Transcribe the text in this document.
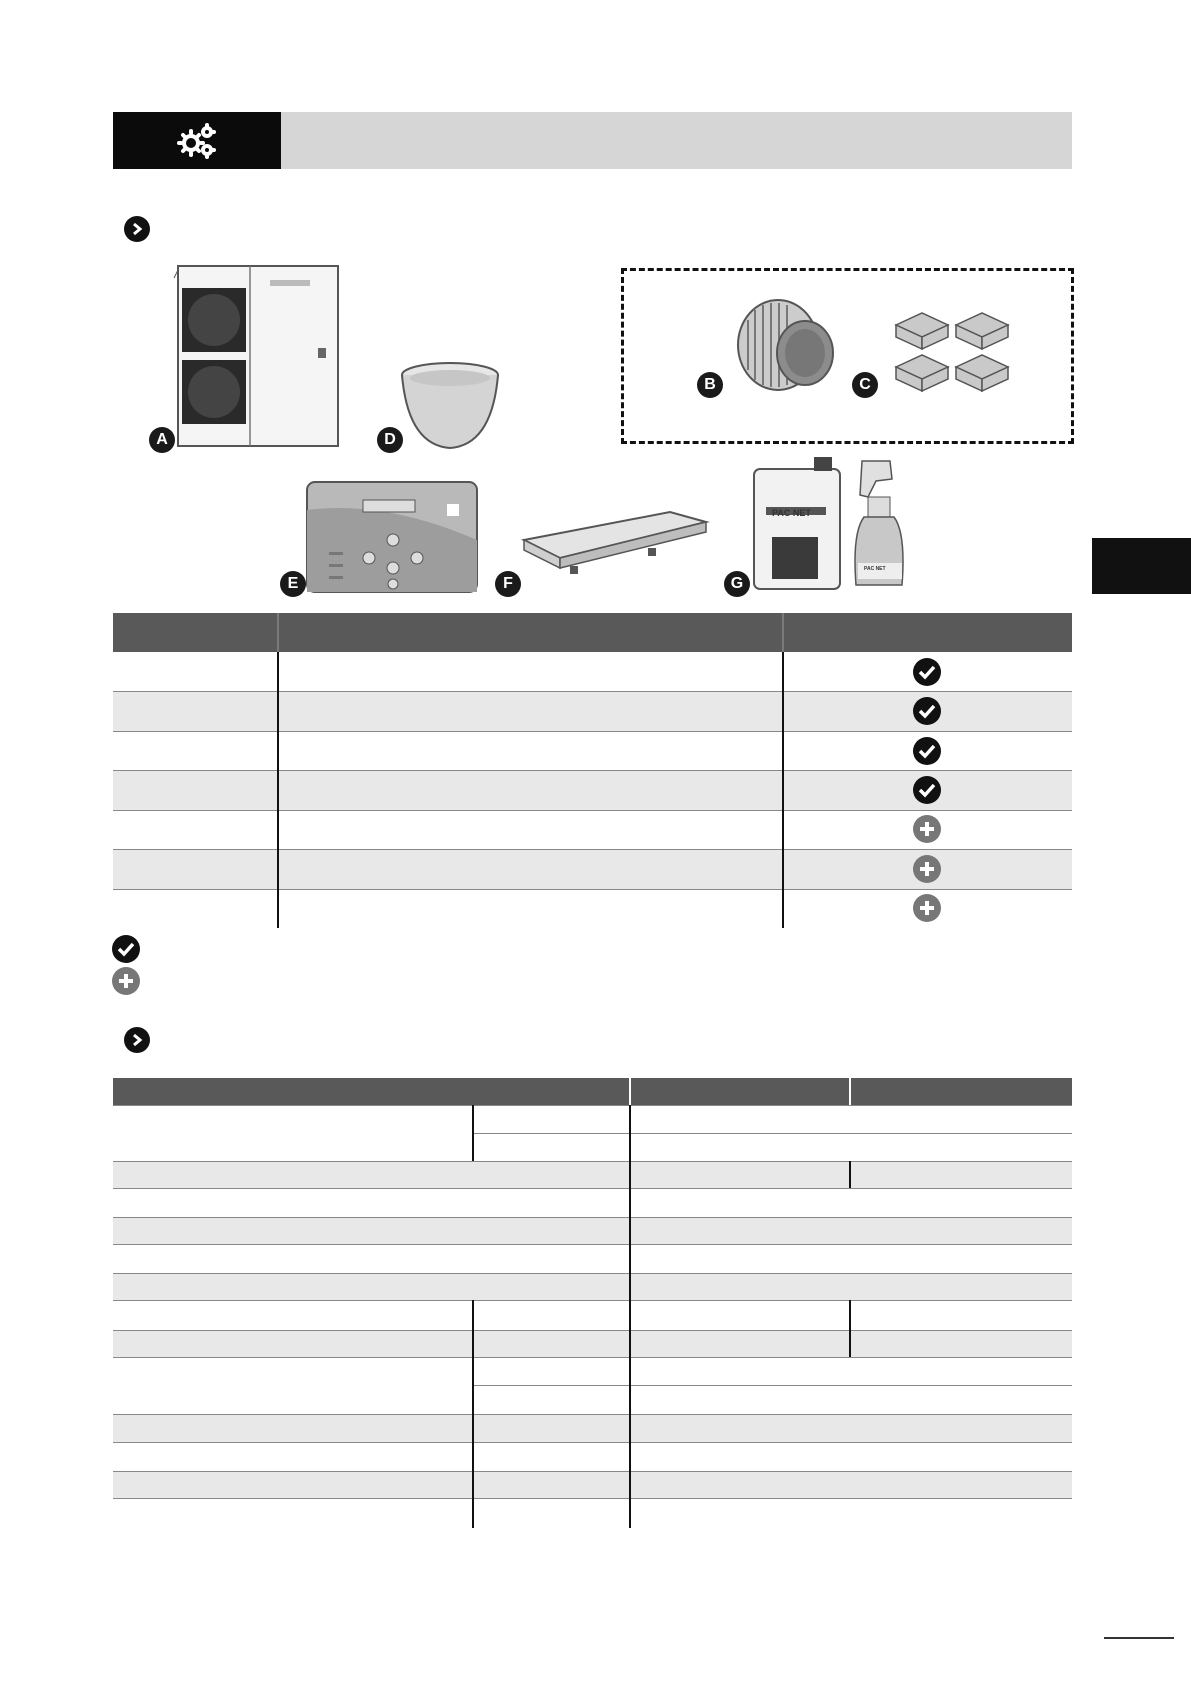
A	D
B	C
E	F
PAC NET
PAC NET
G
